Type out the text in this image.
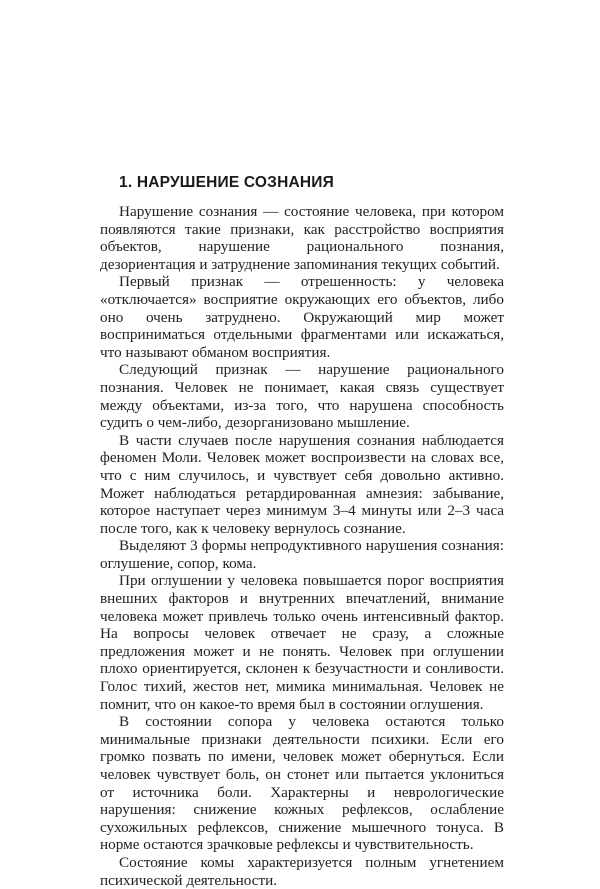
1. НАРУШЕНИЕ СОЗНАНИЯ

Нарушение сознания — состояние человека, при котором появляются такие признаки, как расстройство восприятия объектов, нарушение рационального познания, дезориентация и затруднение запоминания текущих событий.

Первый признак — отрешенность: у человека «отключается» восприятие окружающих его объектов, либо оно очень затруднено. Окружающий мир может восприниматься отдельными фрагментами или искажаться, что называют обманом восприятия.

Следующий признак — нарушение рационального познания. Человек не понимает, какая связь существует между объектами, из-за того, что нарушена способность судить о чем-либо, дезорганизовано мышление.

В части случаев после нарушения сознания наблюдается феномен Моли. Человек может воспроизвести на словах все, что с ним случилось, и чувствует себя довольно активно. Может наблюдаться ретардированная амнезия: забывание, которое наступает через минимум 3–4 минуты или 2–3 часа после того, как к человеку вернулось сознание.

Выделяют 3 формы непродуктивного нарушения сознания: оглушение, сопор, кома.

При оглушении у человека повышается порог восприятия внешних факторов и внутренних впечатлений, внимание человека может привлечь только очень интенсивный фактор. На вопросы человек отвечает не сразу, а сложные предложения может и не понять. Человек при оглушении плохо ориентируется, склонен к безучастности и сонливости. Голос тихий, жестов нет, мимика минимальная. Человек не помнит, что он какое-то время был в состоянии оглушения.

В состоянии сопора у человека остаются только минимальные признаки деятельности психики. Если его громко позвать по имени, человек может обернуться. Если человек чувствует боль, он стонет или пытается уклониться от источника боли. Характерны и неврологические нарушения: снижение кожных рефлексов, ослабление сухожильных рефлексов, снижение мышечного тонуса. В норме остаются зрачковые рефлексы и чувствительность.

Состояние комы характеризуется полным угнетением психической деятельности.
